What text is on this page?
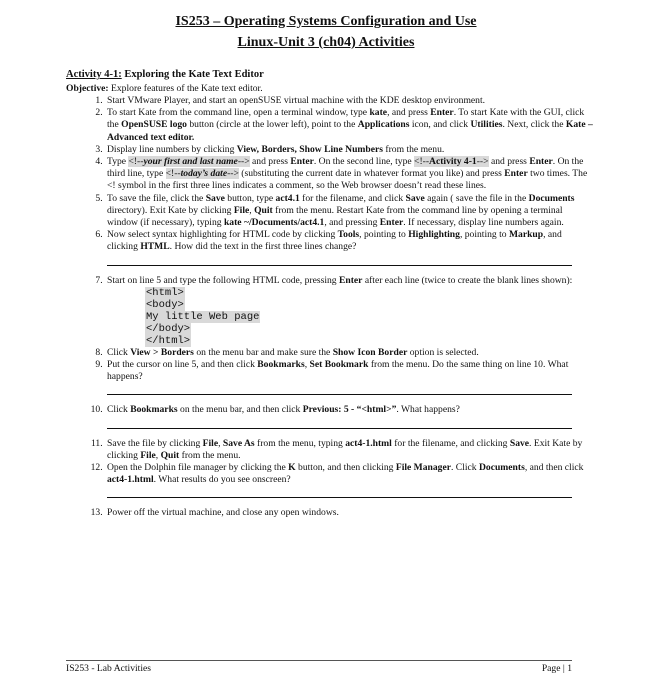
IS253 – Operating Systems Configuration and Use
Linux-Unit 3 (ch04) Activities
Activity 4-1: Exploring the Kate Text Editor
Objective: Explore features of the Kate text editor.
1. Start VMware Player, and start an openSUSE virtual machine with the KDE desktop environment.
2. To start Kate from the command line, open a terminal window, type kate, and press Enter. To start Kate with the GUI, click the OpenSUSE logo button (circle at the lower left), point to the Applications icon, and click Utilities. Next, click the Kate – Advanced text editor.
3. Display line numbers by clicking View, Borders, Show Line Numbers from the menu.
4. Type <!--your first and last name--> and press Enter. On the second line, type <!--Activity 4-1--> and press Enter. On the third line, type <!--today’s date--> (substituting the current date in whatever format you like) and press Enter two times. The <! symbol in the first three lines indicates a comment, so the Web browser doesn’t read these lines.
5. To save the file, click the Save button, type act4.1 for the filename, and click Save again ( save the file in the Documents directory). Exit Kate by clicking File, Quit from the menu. Restart Kate from the command line by opening a terminal window (if necessary), typing kate ~/Documents/act4.1, and pressing Enter. If necessary, display line numbers again.
6. Now select syntax highlighting for HTML code by clicking Tools, pointing to Highlighting, pointing to Markup, and clicking HTML. How did the text in the first three lines change?
7. Start on line 5 and type the following HTML code, pressing Enter after each line (twice to create the blank lines shown):
<html>
<body>
My little Web page
</body>
</html>
8. Click View > Borders on the menu bar and make sure the Show Icon Border option is selected.
9. Put the cursor on line 5, and then click Bookmarks, Set Bookmark from the menu. Do the same thing on line 10. What happens?
10. Click Bookmarks on the menu bar, and then click Previous: 5 - “<html>”. What happens?
11. Save the file by clicking File, Save As from the menu, typing act4-1.html for the filename, and clicking Save. Exit Kate by clicking File, Quit from the menu.
12. Open the Dolphin file manager by clicking the K button, and then clicking File Manager. Click Documents, and then click act4-1.html. What results do you see onscreen?
13. Power off the virtual machine, and close any open windows.
IS253 - Lab Activities	Page | 1
